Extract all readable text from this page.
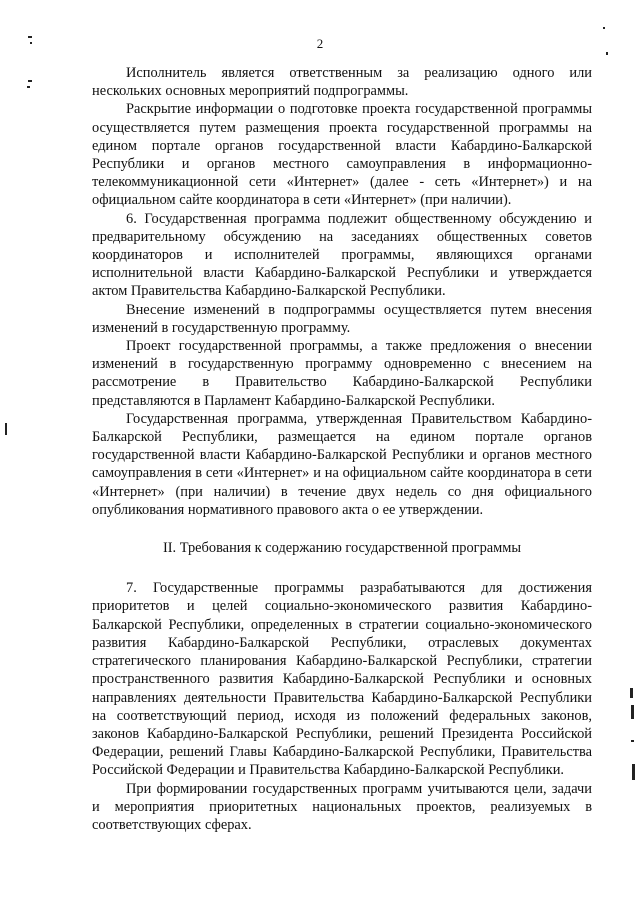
2

Исполнитель является ответственным за реализацию одного или нескольких основных мероприятий подпрограммы.

Раскрытие информации о подготовке проекта государственной программы осуществляется путем размещения проекта государственной программы на едином портале органов государственной власти Кабардино-Балкарской Республики и органов местного самоуправления в информационно-телекоммуникационной сети «Интернет» (далее - сеть «Интернет») и на официальном сайте координатора в сети «Интернет» (при наличии).

6. Государственная программа подлежит общественному обсуждению и предварительному обсуждению на заседаниях общественных советов координаторов и исполнителей программы, являющихся органами исполнительной власти Кабардино-Балкарской Республики и утверждается актом Правительства Кабардино-Балкарской Республики.

Внесение изменений в подпрограммы осуществляется путем внесения изменений в государственную программу.

Проект государственной программы, а также предложения о внесении изменений в государственную программу одновременно с внесением на рассмотрение в Правительство Кабардино-Балкарской Республики представляются в Парламент Кабардино-Балкарской Республики.

Государственная программа, утвержденная Правительством Кабардино-Балкарской Республики, размещается на едином портале органов государственной власти Кабардино-Балкарской Республики и органов местного самоуправления в сети «Интернет» и на официальном сайте координатора в сети «Интернет» (при наличии) в течение двух недель со дня официального опубликования нормативного правового акта о ее утверждении.

II. Требования к содержанию государственной программы

7. Государственные программы разрабатываются для достижения приоритетов и целей социально-экономического развития Кабардино-Балкарской Республики, определенных в стратегии социально-экономического развития Кабардино-Балкарской Республики, отраслевых документах стратегического планирования Кабардино-Балкарской Республики, стратегии пространственного развития Кабардино-Балкарской Республики и основных направлениях деятельности Правительства Кабардино-Балкарской Республики на соответствующий период, исходя из положений федеральных законов, законов Кабардино-Балкарской Республики, решений Президента Российской Федерации, решений Главы Кабардино-Балкарской Республики, Правительства Российской Федерации и Правительства Кабардино-Балкарской Республики.

При формировании государственных программ учитываются цели, задачи и мероприятия приоритетных национальных проектов, реализуемых в соответствующих сферах.
